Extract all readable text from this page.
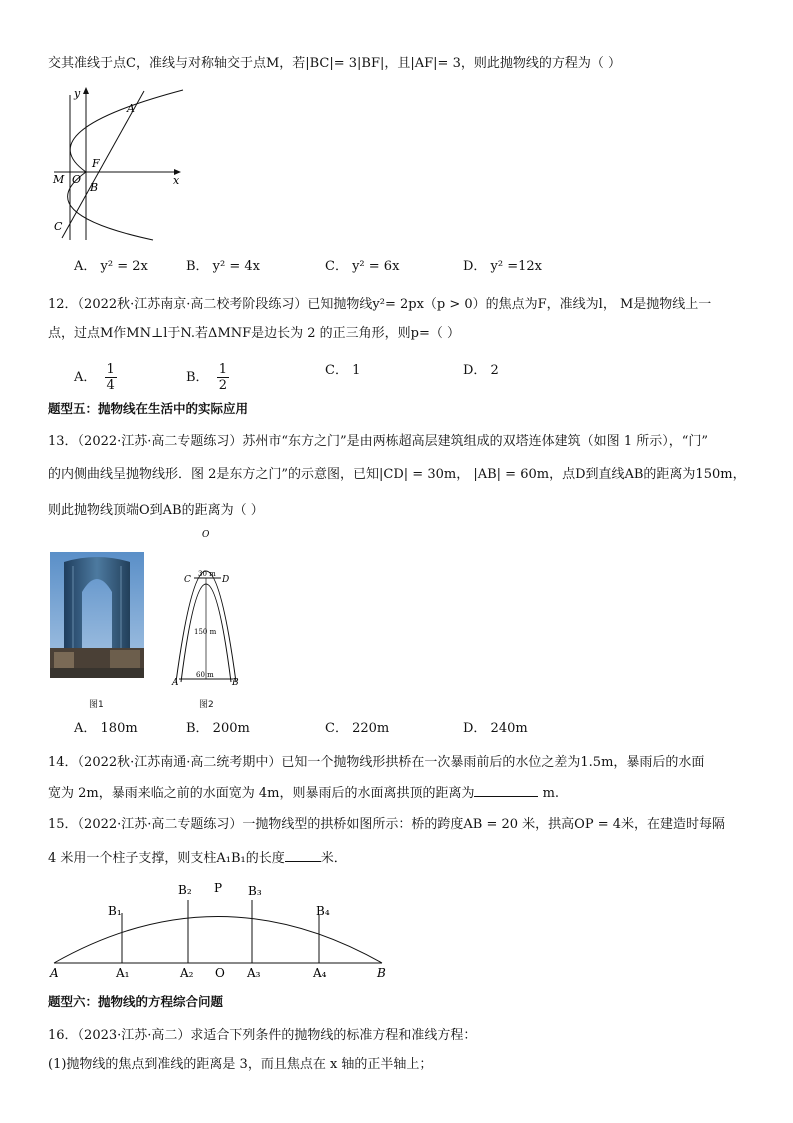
交其准线于点C，准线与对称轴交于点M，若|BC|= 3|BF|，且|AF|= 3，则此抛物线的方程为（ ）
y
x
A
F
M O
B
C
A． y² = 2x	B． y² = 4x	C． y² = 6x	D． y² =12x
12．（2022秋·江苏南京·高二校考阶段练习）已知抛物线y²= 2px（p > 0）的焦点为F，准线为l， M是抛物线上一
点，过点M作MN⊥l于N.若ΔMNF是边长为 2 的正三角形，则p=（ ）
A． $\frac{1}{4}$	B． $\frac{1}{2}$	C． 1	D． 2
题型五：抛物线在生活中的实际应用
13．（2022·江苏·高二专题练习）苏州市“东方之门”是由两栋超高层建筑组成的双塔连体建筑（如图 1 所示），“门”
的内侧曲线呈抛物线形．图 2是东方之门”的示意图，已知|CD| = 30m， |AB| = 60m，点D到直线AB的距离为150m，
则此抛物线顶端O到AB的距离为（ ）
图1
O
C	D
30 m
150 m
60 m
A	B
图2
A． 180m	B． 200m	C． 220m	D． 240m
14．（2022秋·江苏南通·高二统考期中）已知一个抛物线形拱桥在一次暴雨前后的水位之差为1.5m，暴雨后的水面
宽为 2m，暴雨来临之前的水面宽为 4m，则暴雨后的水面离拱顶的距离为	m.
15．（2022·江苏·高二专题练习）一抛物线型的拱桥如图所示：桥的跨度AB = 20 米，拱高OP = 4米，在建造时每隔
4 米用一个柱子支撑，则支柱A₁B₁的长度	米．
B₁
B₂ P B₃
B₄
A	A₁	A₂ O A₃	A₄	B
题型六：抛物线的方程综合问题
16．（2023·江苏·高二）求适合下列条件的抛物线的标准方程和准线方程：
(1)抛物线的焦点到准线的距离是 3，而且焦点在 x 轴的正半轴上；
